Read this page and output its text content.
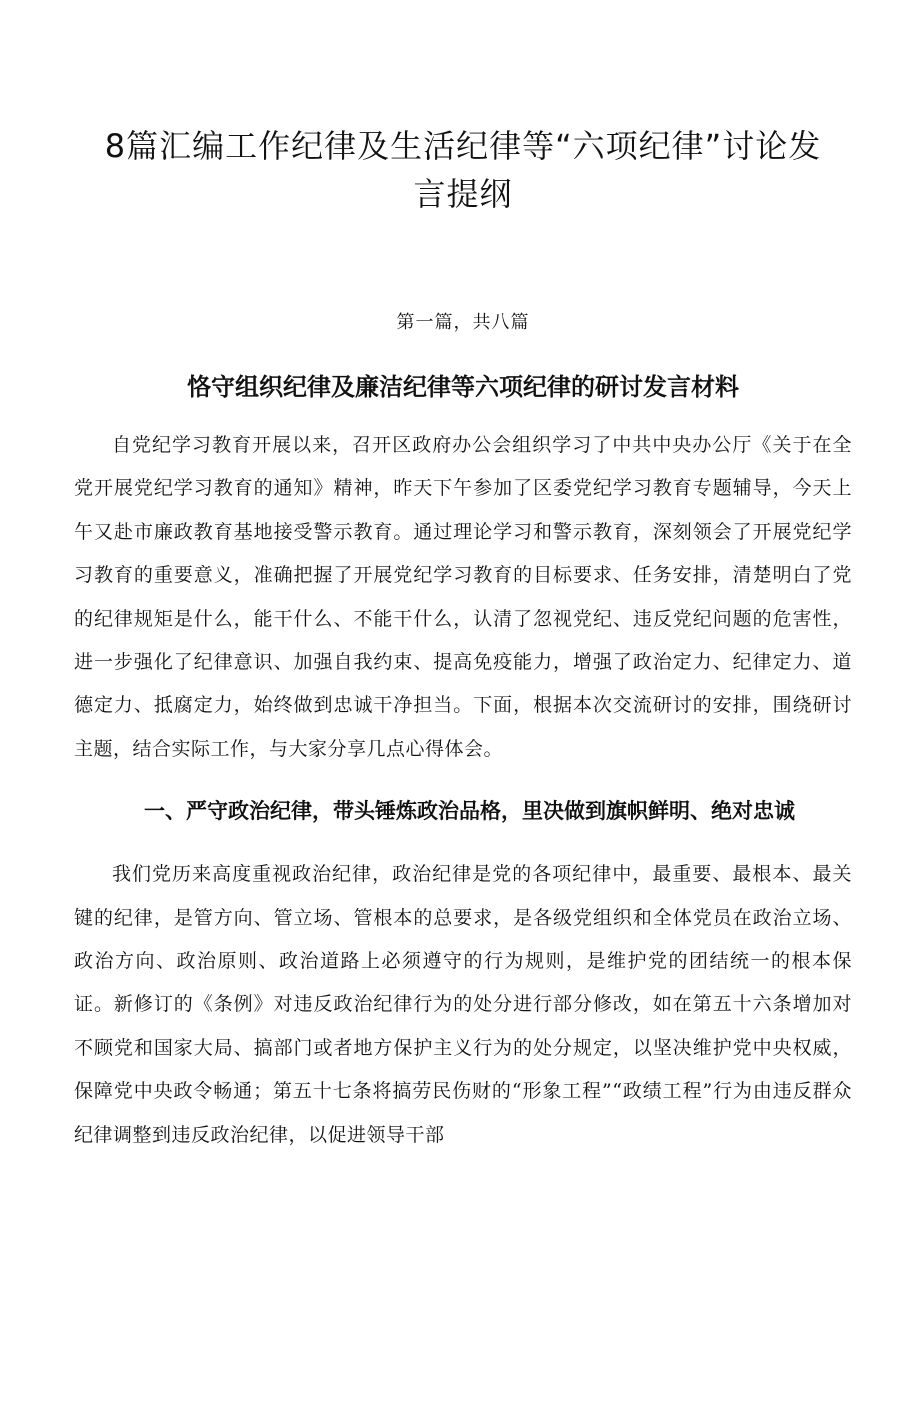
8篇汇编工作纪律及生活纪律等“六项纪律”讨论发
言提纲
第一篇，共八篇
恪守组织纪律及廉洁纪律等六项纪律的研讨发言材料

自党纪学习教育开展以来，召开区政府办公会组织学习了中共中央办公厅《关于在全党开展党纪学习教育的通知》精神，昨天下午参加了区委党纪学习教育专题辅导，今天上午又赴市廉政教育基地接受警示教育。通过理论学习和警示教育，深刻领会了开展党纪学习教育的重要意义，准确把握了开展党纪学习教育的目标要求、任务安排，清楚明白了党的纪律规矩是什么，能干什么、不能干什么，认清了忽视党纪、违反党纪问题的危害性，进一步强化了纪律意识、加强自我约束、提高免疫能力，增强了政治定力、纪律定力、道德定力、抵腐定力，始终做到忠诚干净担当。下面，根据本次交流研讨的安排，围绕研讨主题，结合实际工作，与大家分享几点心得体会。

一、严守政治纪律，带头锤炼政治品格，里决做到旗帜鲜明、绝对忠诚

我们党历来高度重视政治纪律，政治纪律是党的各项纪律中，最重要、最根本、最关键的纪律，是管方向、管立场、管根本的总要求，是各级党组织和全体党员在政治立场、政治方向、政治原则、政治道路上必须遵守的行为规则，是维护党的团结统一的根本保证。新修订的《条例》对违反政治纪律行为的处分进行部分修改，如在第五十六条增加对不顾党和国家大局、搞部门或者地方保护主义行为的处分规定，以坚决维护党中央权威，保障党中央政令畅通；第五十七条将搞劳民伤财的“形象工程”“政绩工程”行为由违反群众纪律调整到违反政治纪律，以促进领导干部
